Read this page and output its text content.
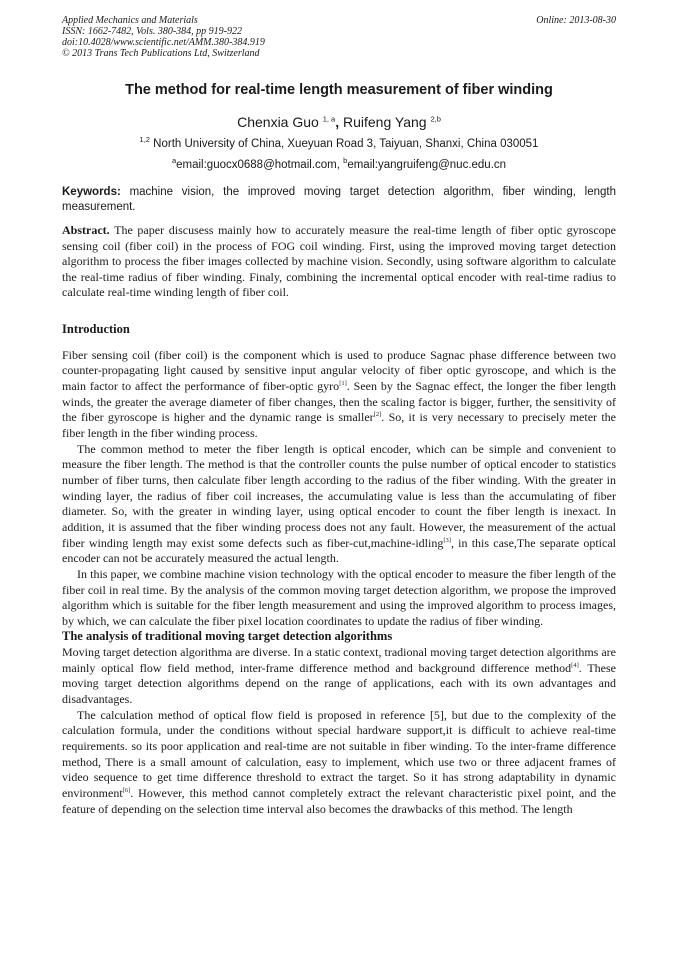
Applied Mechanics and Materials
ISSN: 1662-7482, Vols. 380-384, pp 919-922
doi:10.4028/www.scientific.net/AMM.380-384.919
© 2013 Trans Tech Publications Ltd, Switzerland
Online: 2013-08-30
The method for real-time length measurement of fiber winding
Chenxia Guo $^{1, a}$, Ruifeng Yang $^{2,b}$
$^{1,2}$ North University of China, Xueyuan Road 3, Taiyuan, Shanxi, China 030051
$^a$email:guocx0688@hotmail.com, $^b$email:yangruifeng@nuc.edu.cn
Keywords: machine vision, the improved moving target detection algorithm, fiber winding, length measurement.
Abstract. The paper discusess mainly how to accurately measure the real-time length of fiber optic gyroscope sensing coil (fiber coil) in the process of FOG coil winding. First, using the improved moving target detection algorithm to process the fiber images collected by machine vision. Secondly, using software algorithm to calculate the real-time radius of fiber winding. Finaly, combining the incremental optical encoder with real-time radius to calculate real-time winding length of fiber coil.
Introduction

Fiber sensing coil (fiber coil) is the component which is used to produce Sagnac phase difference between two counter-propagating light caused by sensitive input angular velocity of fiber optic gyroscope, and which is the main factor to affect the performance of fiber-optic gyro[1]. Seen by the Sagnac effect, the longer the fiber length winds, the greater the average diameter of fiber changes, then the scaling factor is bigger, further, the sensitivity of the fiber gyroscope is higher and the dynamic range is smaller[2]. So, it is very necessary to precisely meter the fiber length in the fiber winding process.

The common method to meter the fiber length is optical encoder, which can be simple and convenient to measure the fiber length. The method is that the controller counts the pulse number of optical encoder to statistics number of fiber turns, then calculate fiber length according to the radius of the fiber winding. With the greater in winding layer, the radius of fiber coil increases, the accumulating value is less than the accumulating of fiber diameter. So, with the greater in winding layer, using optical encoder to count the fiber length is inexact. In addition, it is assumed that the fiber winding process does not any fault. However, the measurement of the actual fiber winding length may exist some defects such as fiber-cut,machine-idling[3], in this case,The separate optical encoder can not be accurately measured the actual length.

In this paper, we combine machine vision technology with the optical encoder to measure the fiber length of the fiber coil in real time. By the analysis of the common moving target detection algorithm, we propose the improved algorithm which is suitable for the fiber length measurement and using the improved algorithm to process images, by which, we can calculate the fiber pixel location coordinates to update the radius of fiber winding.

The analysis of traditional moving target detection algorithms

Moving target detection algorithma are diverse. In a static context, tradional moving target detection algorithms are mainly optical flow field method, inter-frame difference method and background difference method[4]. These moving target detection algorithms depend on the range of applications, each with its own advantages and disadvantages.

The calculation method of optical flow field is proposed in reference [5], but due to the complexity of the calculation formula, under the conditions without special hardware support,it is difficult to achieve real-time requirements. so its poor application and real-time are not suitable in fiber winding. To the inter-frame difference method, There is a small amount of calculation, easy to implement, which use two or three adjacent frames of video sequence to get time difference threshold to extract the target. So it has strong adaptability in dynamic environment[6]. However, this method cannot completely extract the relevant characteristic pixel point, and the feature of depending on the selection time interval also becomes the drawbacks of this method. The length
